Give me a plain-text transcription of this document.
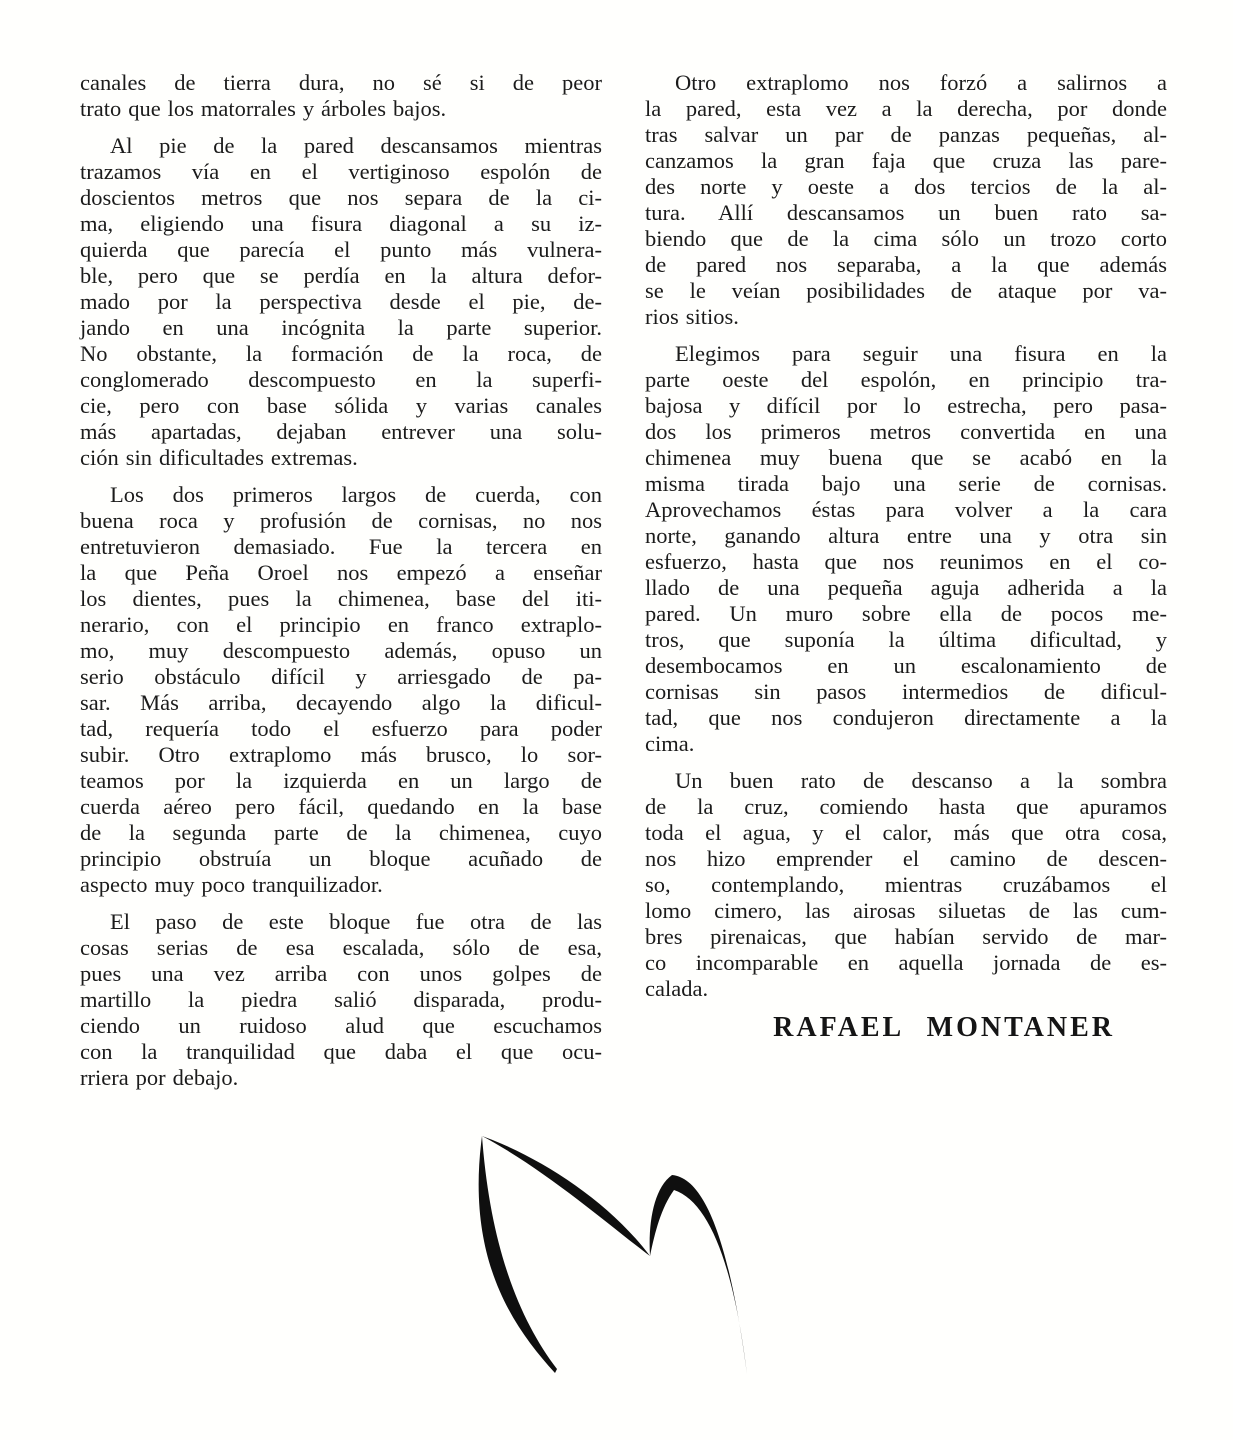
canales de tierra dura, no sé si de peor
trato que los matorrales y árboles bajos.
Al pie de la pared descansamos mientras
trazamos vía en el vertiginoso espolón de
doscientos metros que nos separa de la ci-
ma, eligiendo una fisura diagonal a su iz-
quierda que parecía el punto más vulnera-
ble, pero que se perdía en la altura defor-
mado por la perspectiva desde el pie, de-
jando en una incógnita la parte superior.
No obstante, la formación de la roca, de
conglomerado descompuesto en la superfi-
cie, pero con base sólida y varias canales
más apartadas, dejaban entrever una solu-
ción sin dificultades extremas.
Los dos primeros largos de cuerda, con
buena roca y profusión de cornisas, no nos
entretuvieron demasiado. Fue la tercera en
la que Peña Oroel nos empezó a enseñar
los dientes, pues la chimenea, base del iti-
nerario, con el principio en franco extraplo-
mo, muy descompuesto además, opuso un
serio obstáculo difícil y arriesgado de pa-
sar. Más arriba, decayendo algo la dificul-
tad, requería todo el esfuerzo para poder
subir. Otro extraplomo más brusco, lo sor-
teamos por la izquierda en un largo de
cuerda aéreo pero fácil, quedando en la base
de la segunda parte de la chimenea, cuyo
principio obstruía un bloque acuñado de
aspecto muy poco tranquilizador.
El paso de este bloque fue otra de las
cosas serias de esa escalada, sólo de esa,
pues una vez arriba con unos golpes de
martillo la piedra salió disparada, produ-
ciendo un ruidoso alud que escuchamos
con la tranquilidad que daba el que ocu-
rriera por debajo.
Otro extraplomo nos forzó a salirnos a
la pared, esta vez a la derecha, por donde
tras salvar un par de panzas pequeñas, al-
canzamos la gran faja que cruza las pare-
des norte y oeste a dos tercios de la al-
tura. Allí descansamos un buen rato sa-
biendo que de la cima sólo un trozo corto
de pared nos separaba, a la que además
se le veían posibilidades de ataque por va-
rios sitios.
Elegimos para seguir una fisura en la
parte oeste del espolón, en principio tra-
bajosa y difícil por lo estrecha, pero pasa-
dos los primeros metros convertida en una
chimenea muy buena que se acabó en la
misma tirada bajo una serie de cornisas.
Aprovechamos éstas para volver a la cara
norte, ganando altura entre una y otra sin
esfuerzo, hasta que nos reunimos en el co-
llado de una pequeña aguja adherida a la
pared. Un muro sobre ella de pocos me-
tros, que suponía la última dificultad, y
desembocamos en un escalonamiento de
cornisas sin pasos intermedios de dificul-
tad, que nos condujeron directamente a la
cima.
Un buen rato de descanso a la sombra
de la cruz, comiendo hasta que apuramos
toda el agua, y el calor, más que otra cosa,
nos hizo emprender el camino de descen-
so, contemplando, mientras cruzábamos el
lomo cimero, las airosas siluetas de las cum-
bres pirenaicas, que habían servido de mar-
co incomparable en aquella jornada de es-
calada.
RAFAEL MONTANER
